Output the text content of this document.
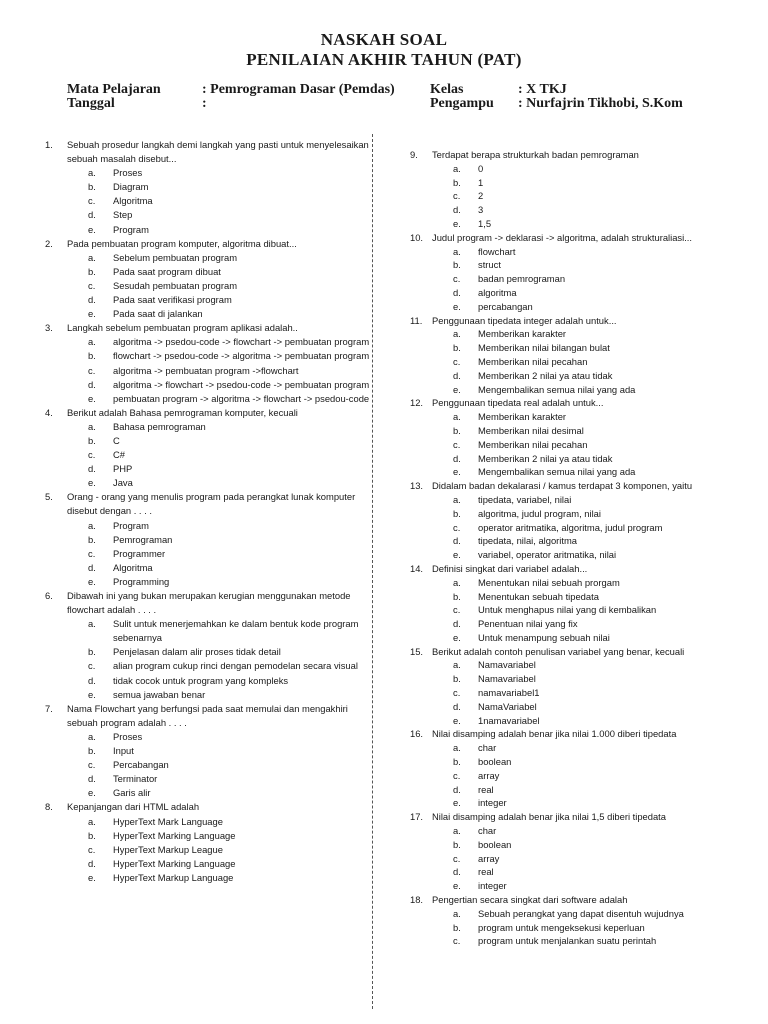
NASKAH SOAL
PENILAIAN AKHIR TAHUN (PAT)
Mata Pelajaran	: Pemrograman Dasar (Pemdas)
Tanggal	:
Kelas	: X TKJ
Pengampu : Nurfajrin Tikhobi, S.Kom
1.	Sebuah prosedur langkah demi langkah yang pasti untuk menyelesaikan sebuah masalah disebut...
a.	Proses
b.	Diagram
c.	Algoritma
d.	Step
e.	Program
2.	Pada pembuatan program komputer, algoritma dibuat...
a.	Sebelum pembuatan program
b.	Pada saat program dibuat
c.	Sesudah pembuatan program
d.	Pada saat verifikasi program
e.	Pada saat di jalankan
3.	Langkah sebelum pembuatan program aplikasi adalah..
a.	algoritma -> psedou-code -> flowchart -> pembuatan program
b.	flowchart -> psedou-code -> algoritma -> pembuatan program
c.	algoritma -> pembuatan program ->flowchart
d.	algoritma -> flowchart -> psedou-code -> pembuatan program
e.	pembuatan program -> algoritma -> flowchart -> psedou-code
4.	Berikut adalah Bahasa pemrograman komputer, kecuali
a.	Bahasa pemrograman
b.	C
c.	C#
d.	PHP
e.	Java
5.	Orang - orang yang menulis program pada perangkat lunak komputer disebut dengan . . . .
a.	Program
b.	Pemrograman
c.	Programmer
d.	Algoritma
e.	Programming
6.	Dibawah ini yang bukan merupakan kerugian menggunakan metode flowchart adalah . . . .
a.	Sulit untuk menerjemahkan ke dalam bentuk kode program sebenarnya
b.	Penjelasan dalam alir proses tidak detail
c.	alian program cukup rinci dengan pemodelan secara visual
d.	tidak cocok untuk program yang kompleks
e.	semua jawaban benar
7.	Nama Flowchart yang berfungsi pada saat memulai dan mengakhiri sebuah program adalah . . . .
a.	Proses
b.	Input
c.	Percabangan
d.	Terminator
e.	Garis alir
8.	Kepanjangan dari HTML adalah
a.	HyperText Mark Language
b.	HyperText Marking Language
c.	HyperText Markup League
d.	HyperText Marking Language
e.	HyperText Markup Language
9.	Terdapat berapa strukturkah badan pemrograman
a.	0
b.	1
c.	2
d.	3
e.	1,5
10. Judul program -> deklarasi -> algoritma, adalah strukturaliasi...
a.	flowchart
b.	struct
c.	badan pemrograman
d.	algoritma
e.	percabangan
11.	Penggunaan tipedata integer adalah untuk...
a.	Memberikan karakter
b.	Memberikan nilai bilangan bulat
c.	Memberikan nilai pecahan
d.	Memberikan 2 nilai ya atau tidak
e.	Mengembalikan semua nilai yang ada
12. Penggunaan tipedata real adalah untuk...
a.	Memberikan karakter
b.	Memberikan nilai desimal
c.	Memberikan nilai pecahan
d.	Memberikan 2 nilai ya atau tidak
e.	Mengembalikan semua nilai yang ada
13. Didalam badan dekalarasi / kamus terdapat 3 komponen, yaitu
a.	tipedata, variabel, nilai
b.	algoritma, judul program, nilai
c.	operator aritmatika, algoritma, judul program
d.	tipedata, nilai, algoritma
e.	variabel, operator aritmatika, nilai
14. Definisi singkat dari variabel adalah...
a.	Menentukan nilai sebuah prorgam
b.	Menentukan sebuah tipedata
c.	Untuk menghapus nilai yang di kembalikan
d.	Penentuan nilai yang fix
e.	Untuk menampung sebuah nilai
15. Berikut adalah contoh penulisan variabel yang benar, kecuali
a.	Namavariabel
b.	Namavariabel
c.	namavariabel1
d.	NamaVariabel
e.	1namavariabel
16. Nilai disamping adalah benar jika nilai 1.000 diberi tipedata
a.	char
b.	boolean
c.	array
d.	real
e.	integer
17. Nilai disamping adalah benar jika nilai 1,5 diberi tipedata
a.	char
b.	boolean
c.	array
d.	real
e.	integer
18. Pengertian secara singkat dari software adalah
a.	Sebuah perangkat yang dapat disentuh wujudnya
b.	program untuk mengeksekusi keperluan
c.	program untuk menjalankan suatu perintah
